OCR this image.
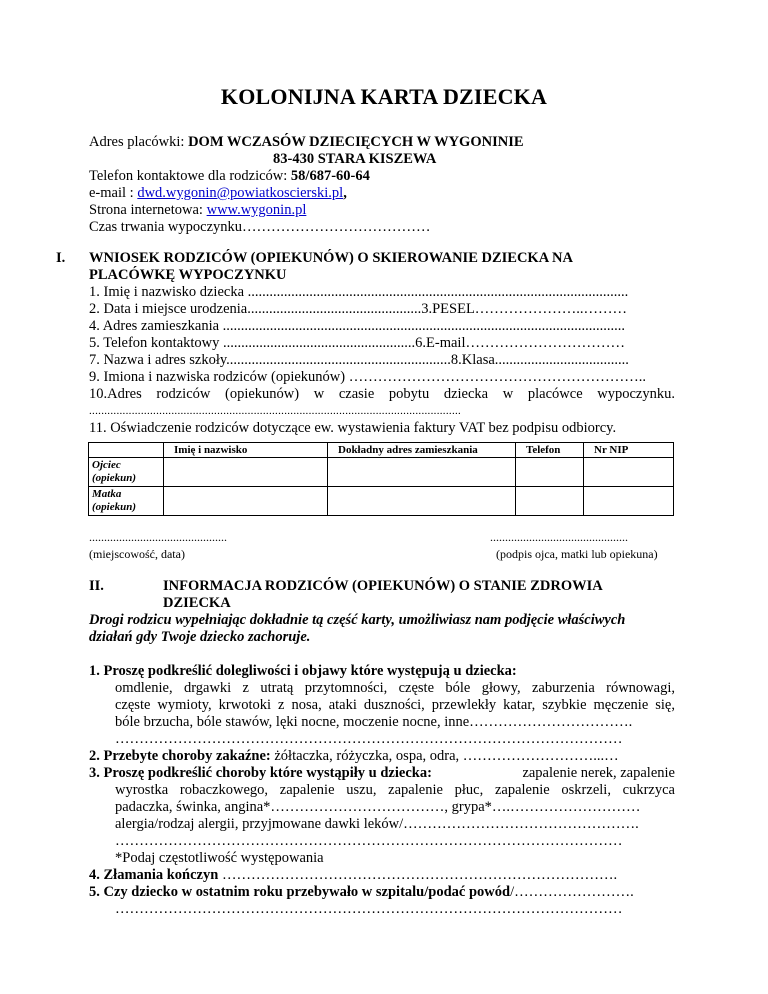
KOLONIJNA KARTA DZIECKA
Adres placówki: DOM WCZASÓW DZIECIĘCYCH W WYGONINIE
83-430 STARA KISZEWA
Telefon kontaktowe dla rodziców: 58/687-60-64
e-mail : dwd.wygonin@powiatkoscierski.pl,
Strona internetowa: www.wygonin.pl
Czas trwania wypoczynku…………………………………
I. WNIOSEK RODZICÓW (OPIEKUNÓW) O SKIEROWANIE DZIECKA NA
PLACÓWKĘ WYPOCZYNKU
1. Imię i nazwisko dziecka .........................................................................................................
2. Data i miejsce urodzenia................................................3.PESEL…………………..………
4. Adres zamieszkania ...............................................................................................................
5. Telefon kontaktowy .....................................................6.E-mail……………………………
7. Nazwa i adres szkoły..............................................................8.Klasa.....................................
9. Imiona i nazwiska rodziców (opiekunów) ……………………………………………………..
10.Adres rodziców (opiekunów) w czasie pobytu dziecka w placówce wypoczynku.
..........................................................................................................................
11. Oświadczenie rodziców dotyczące ew. wystawienia faktury VAT bez podpisu odbiorcy.
	Imię i nazwisko	Dokładny adres zamieszkania	Telefon	Nr NIP
Ojciec (opiekun)				
Matka (opiekun)				
..............................................
(miejscowość, data)
..............................................
(podpis ojca, matki lub opiekuna)
II.	INFORMACJA RODZICÓW (OPIEKUNÓW) O STANIE ZDROWIA
DZIECKA
Drogi rodzicu wypełniając dokładnie tą część karty, umożliwiasz nam podjęcie właściwych
działań gdy Twoje dziecko zachoruje.
1. Proszę podkreślić dolegliwości i objawy które występują u dziecka:
omdlenie, drgawki z utratą przytomności, częste bóle głowy, zaburzenia równowagi,
częste wymioty, krwotoki z nosa, ataki duszności, przewlekły katar, szybkie męczenie się,
bóle brzucha, bóle stawów, lęki nocne, moczenie nocne, inne…………………………….
……………………………………………………………………………………………
2. Przebyte choroby zakaźne: żółtaczka, różyczka, ospa, odra, ………………………...…
3. Proszę podkreślić choroby które wystąpiły u dziecka:	zapalenie nerek, zapalenie
wyrostka robaczkowego, zapalenie uszu, zapalenie płuc, zapalenie oskrzeli, cukrzyca
padaczka, świnka, angina*………………………………, grypa*….………………………
alergia/rodzaj alergii, przyjmowane dawki leków/………………………………………….
……………………………………………………………………………………………
*Podaj częstotliwość występowania
4. Złamania kończyn ……………………………………………………………………….
5. Czy dziecko w ostatnim roku przebywało w szpitalu/podać powód/…………………….
……………………………………………………………………………………………
